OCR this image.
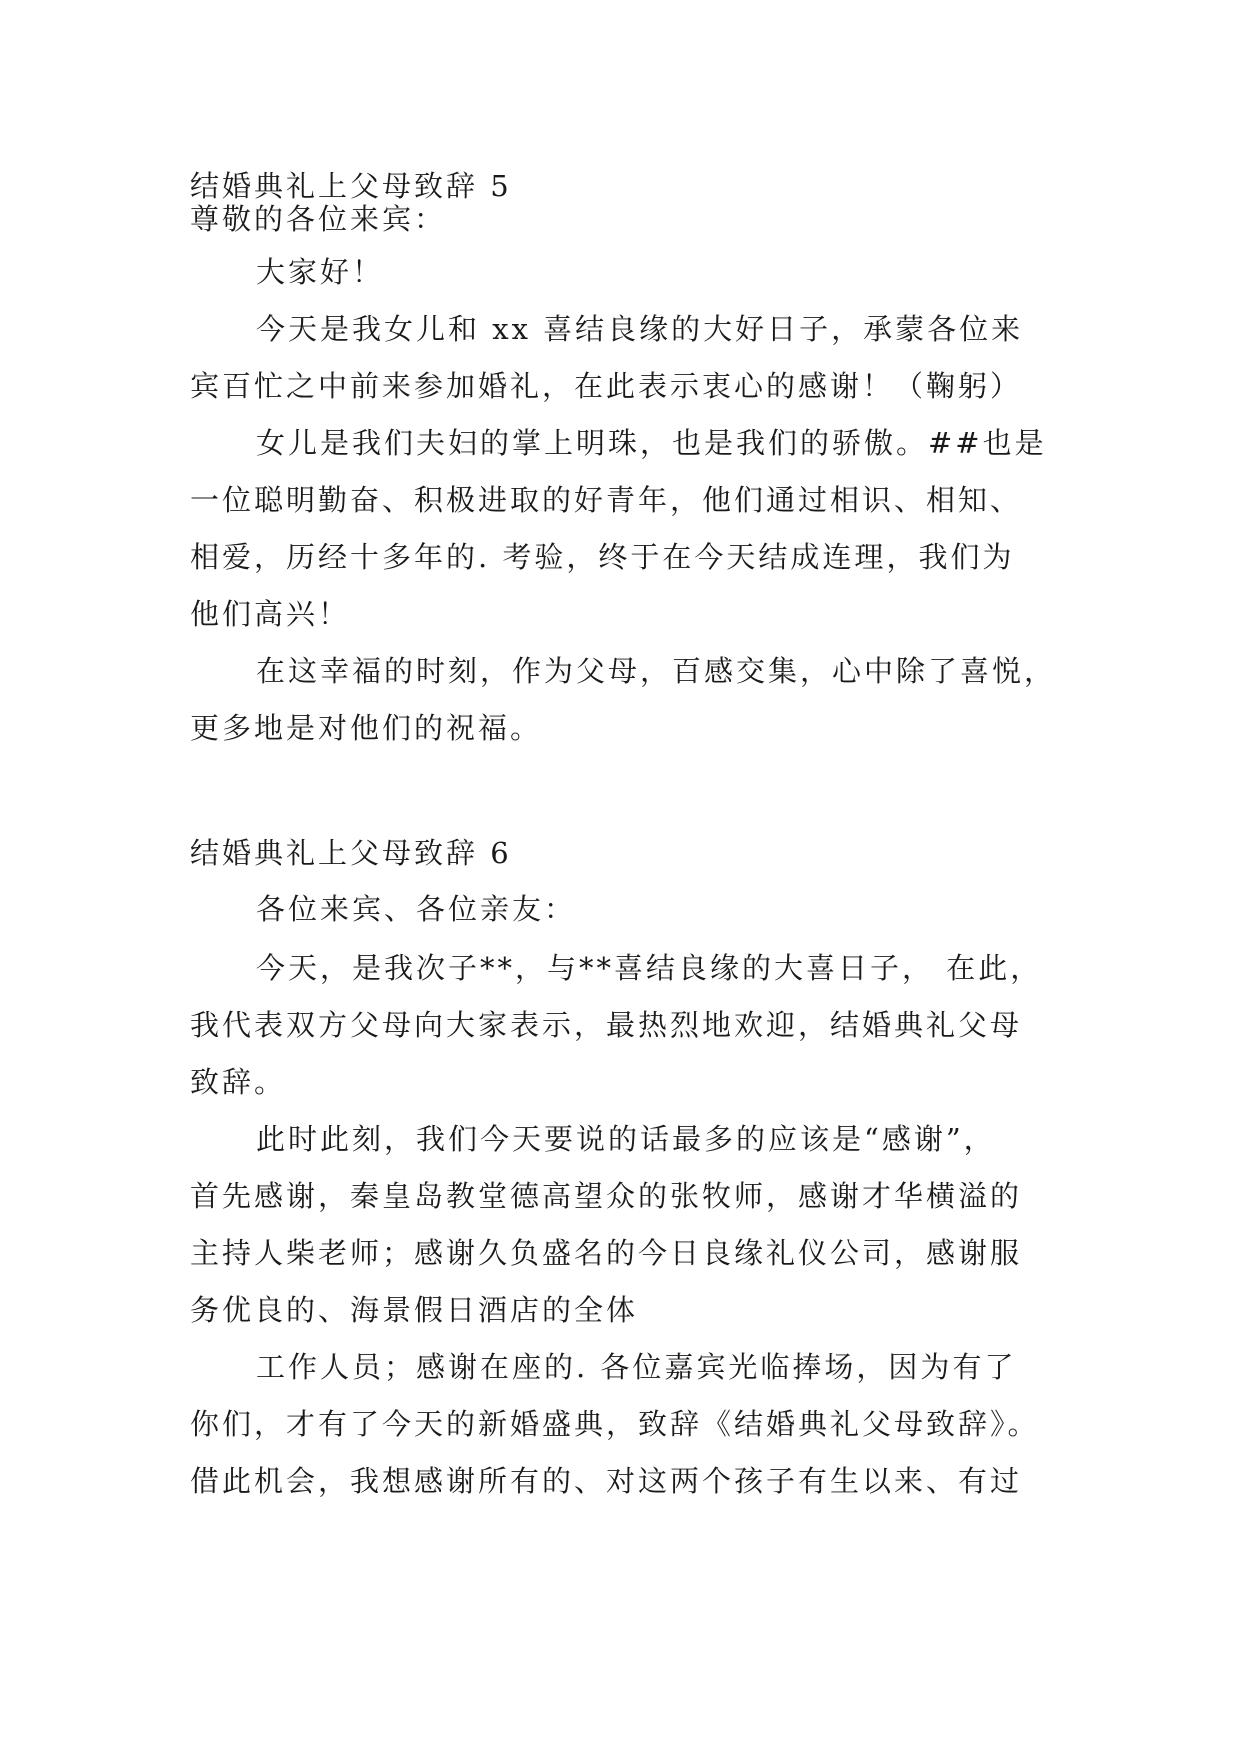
结婚典礼上父母致辞 5
尊敬的各位来宾：
大家好！
今天是我女儿和 xx 喜结良缘的大好日子，承蒙各位来
宾百忙之中前来参加婚礼，在此表示衷心的感谢！（鞠躬）
女儿是我们夫妇的掌上明珠，也是我们的骄傲。##也是
一位聪明勤奋、积极进取的好青年，他们通过相识、相知、
相爱，历经十多年的. 考验，终于在今天结成连理，我们为
他们高兴！
在这幸福的时刻，作为父母，百感交集，心中除了喜悦，
更多地是对他们的祝福。
结婚典礼上父母致辞 6
各位来宾、各位亲友：
今天，是我次子**，与**喜结良缘的大喜日子， 在此，
我代表双方父母向大家表示，最热烈地欢迎，结婚典礼父母
致辞。
此时此刻，我们今天要说的话最多的应该是“感谢”，
首先感谢，秦皇岛教堂德高望众的张牧师，感谢才华横溢的
主持人柴老师；感谢久负盛名的今日良缘礼仪公司，感谢服
务优良的、海景假日酒店的全体
工作人员；感谢在座的. 各位嘉宾光临捧场，因为有了
你们，才有了今天的新婚盛典，致辞《结婚典礼父母致辞》。
借此机会，我想感谢所有的、对这两个孩子有生以来、有过
